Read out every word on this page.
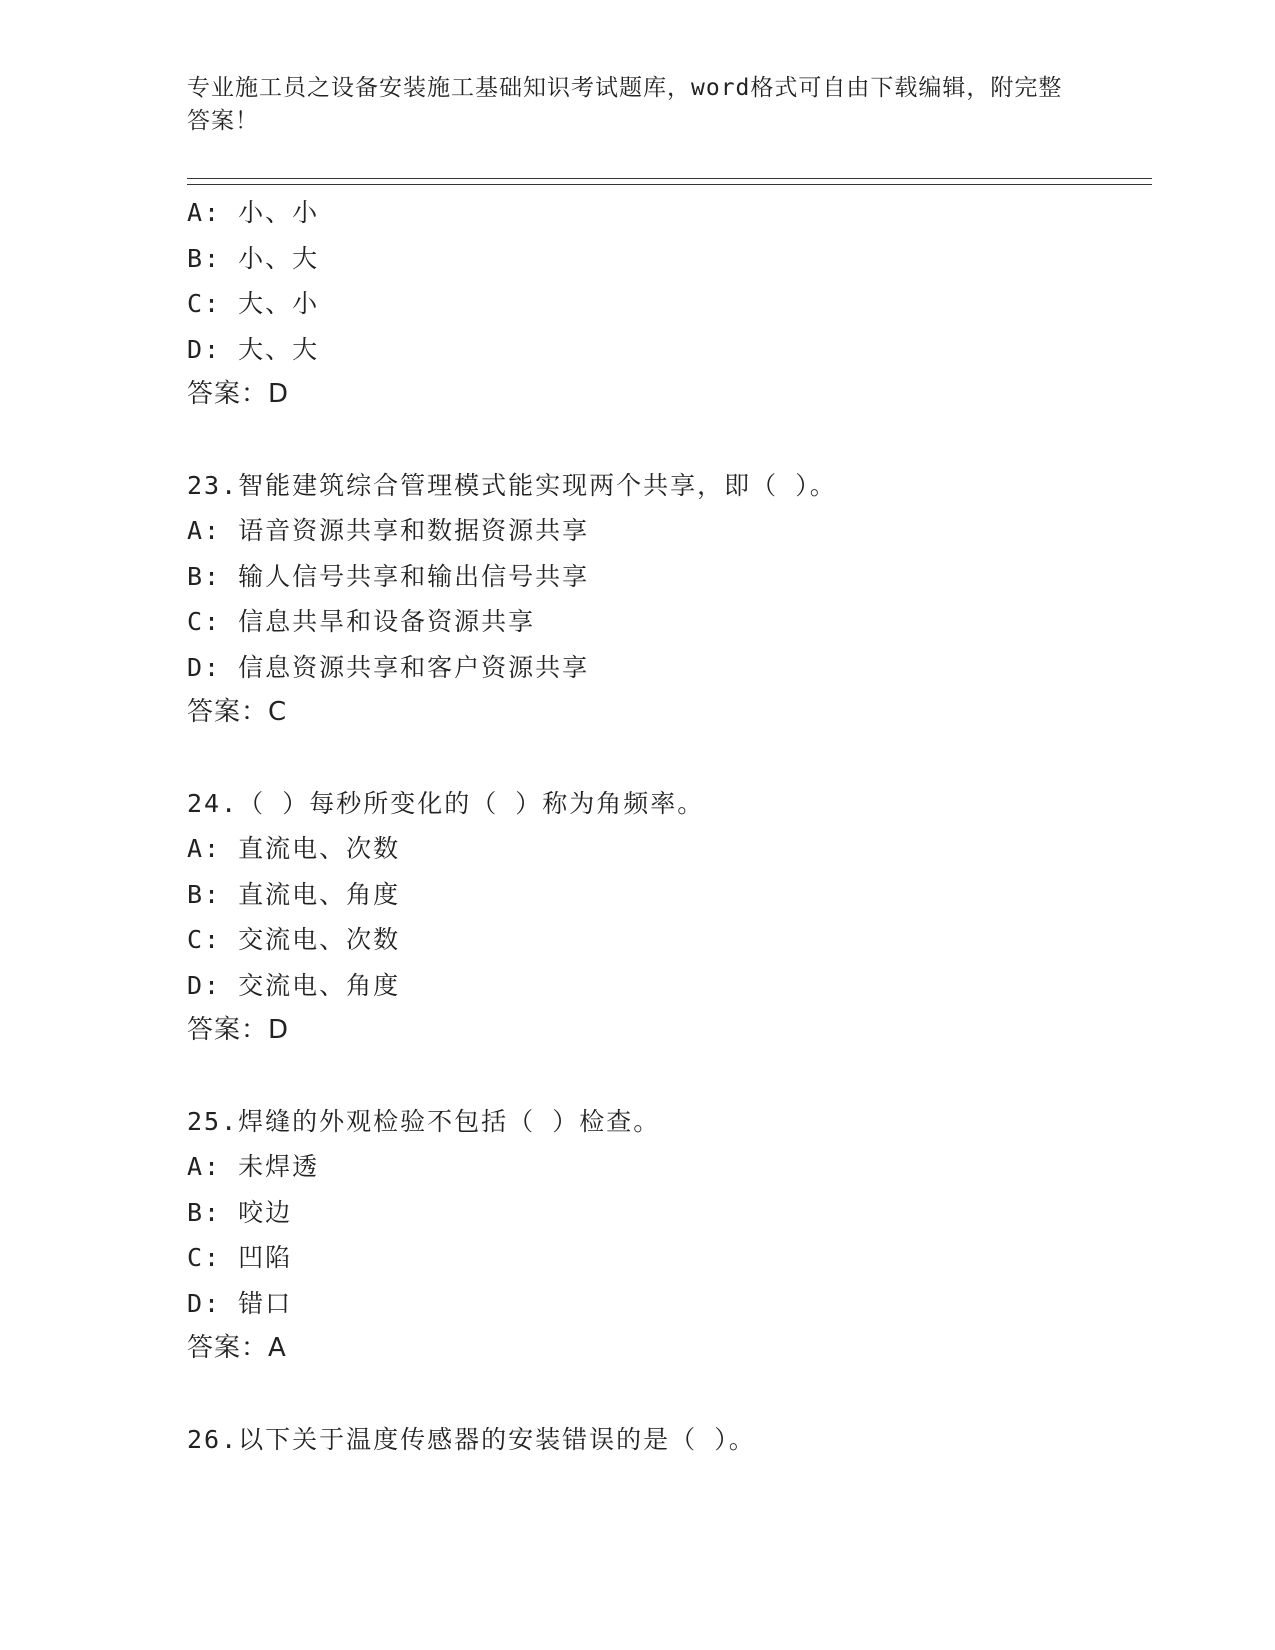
专业施工员之设备安装施工基础知识考试题库，word格式可自由下载编辑，附完整答案！
A: 小、小
B: 小、大
C: 大、小
D: 大、大
答案：D
23.智能建筑综合管理模式能实现两个共享，即（ ）。
A: 语音资源共享和数据资源共享
B: 输人信号共享和输出信号共享
C: 信息共旱和设备资源共享
D: 信息资源共享和客户资源共享
答案：C
24.（ ）每秒所变化的（ ）称为角频率。
A: 直流电、次数
B: 直流电、角度
C: 交流电、次数
D: 交流电、角度
答案：D
25.焊缝的外观检验不包括（ ）检查。
A: 未焊透
B: 咬边
C: 凹陷
D: 错口
答案：A
26.以下关于温度传感器的安装错误的是（ ）。
